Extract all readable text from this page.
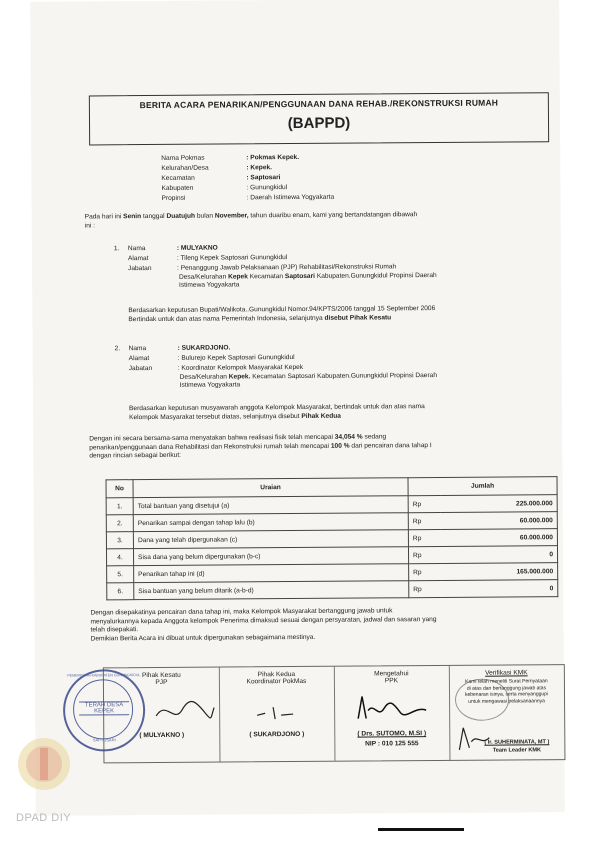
BERITA ACARA PENARIKAN/PENGGUNAAN DANA REHAB./REKONSTRUKSI RUMAH
(BAPPD)
Nama Pokmas	: Pokmas Kepek.
Kelurahan/Desa	: Kepek.
Kecamatan	: Saptosari
Kabupaten	: Gunungkidul
Propinsi	: Daerah Istimewa Yogyakarta
Pada hari ini Senin tanggal Duatujuh bulan November, tahun duaribu enam, kami yang bertandatangan dibawah
ini :
1. Nama	: MULYAKNO
Alamat	: Tileng Kepek Saptosari Gunungkidul
Jabatan	: Penanggung Jawab Pelaksanaan (PJP) Rehabilitasi/Rekonstruksi Rumah
Desa/Kelurahan Kepek Kecamatan Saptosari Kabupaten.Gunungkidul Propinsi Daerah
Istimewa Yogyakarta
Berdasarkan keputusan Bupati/Walikota..Gunungkidul Nomor.94/KPTS/2006 tanggal 15 September 2006
Bertindak untuk dan atas nama Pemerintah Indonesia, selanjutnya disebut Pihak Kesatu
2. Nama	: SUKARDJONO.
Alamat	: Bulurejo Kepek Saptosari Gunungkidul
Jabatan	: Koordinator Kelompok Masyarakat Kepek
Desa/Kelurahan Kepek. Kecamatan Saptosari Kabupaten.Gunungkidul Propinsi Daerah
Istimewa Yogyakarta
Berdasarkan keputusan musyawarah anggota Kelompok Masyarakat, bertindak untuk dan atas nama
Kelompok Masyarakat tersebut diatas, selanjutnya disebut Pihak Kedua
Dengan ini secara bersama-sama menyatakan bahwa realisasi fisik telah mencapai 34,054 % sedang
penarikan/penggunaan dana Rehabilitasi dan Rekonstruksi rumah telah mencapai 100 % dari pencairan dana tahap I
dengan rincian sebagai berikut:
No	Uraian	Jumlah	
1.	Total bantuan yang disetujui (a)	Rp	225.000.000
2.	Penarikan sampai dengan tahap lalu (b)	Rp	60.000.000
3.	Dana yang telah dipergunakan (c)	Rp	60.000.000
4.	Sisa dana yang belum dipergunakan (b-c)	Rp	0
5.	Penarikan tahap ini (d)	Rp	165.000.000
6.	Sisa bantuan yang belum ditarik (a-b-d)	Rp	0
Dengan disepakatinya pencairan dana tahap ini, maka Kelompok Masyarakat bertanggung jawab untuk
menyalurkannya kepada Anggota kelompok Penerima dimaksud sesuai dengan persyaratan, jadwal dan sasaran yang
telah disepakati.
Demikian Berita Acara ini dibuat untuk dipergunakan sebagaimana mestinya.
Pihak Kesatu
PJP
( MULYAKNO )
Pihak Kedua
Koordinator PokMas
( SUKARDJONO )
Mengetahui
PPK
( Drs. SUTOMO, M.SI )
NIP : 010 125 555
Verifikasi KMK
Kami telah meneliti Surat Pernyataan
di atas dan bertanggung jawab atas
kebenaran isinya, serta menyanggupi
untuk mengawasi pelaksanaannya
( Ir. SUHERMINATA, MT )
Team Leader KMK
PEMERINTAH KABUPATEN GUNUNGKIDUL
TERAH DESA
KEPEK
SAPTOSARI
DPAD DIY
